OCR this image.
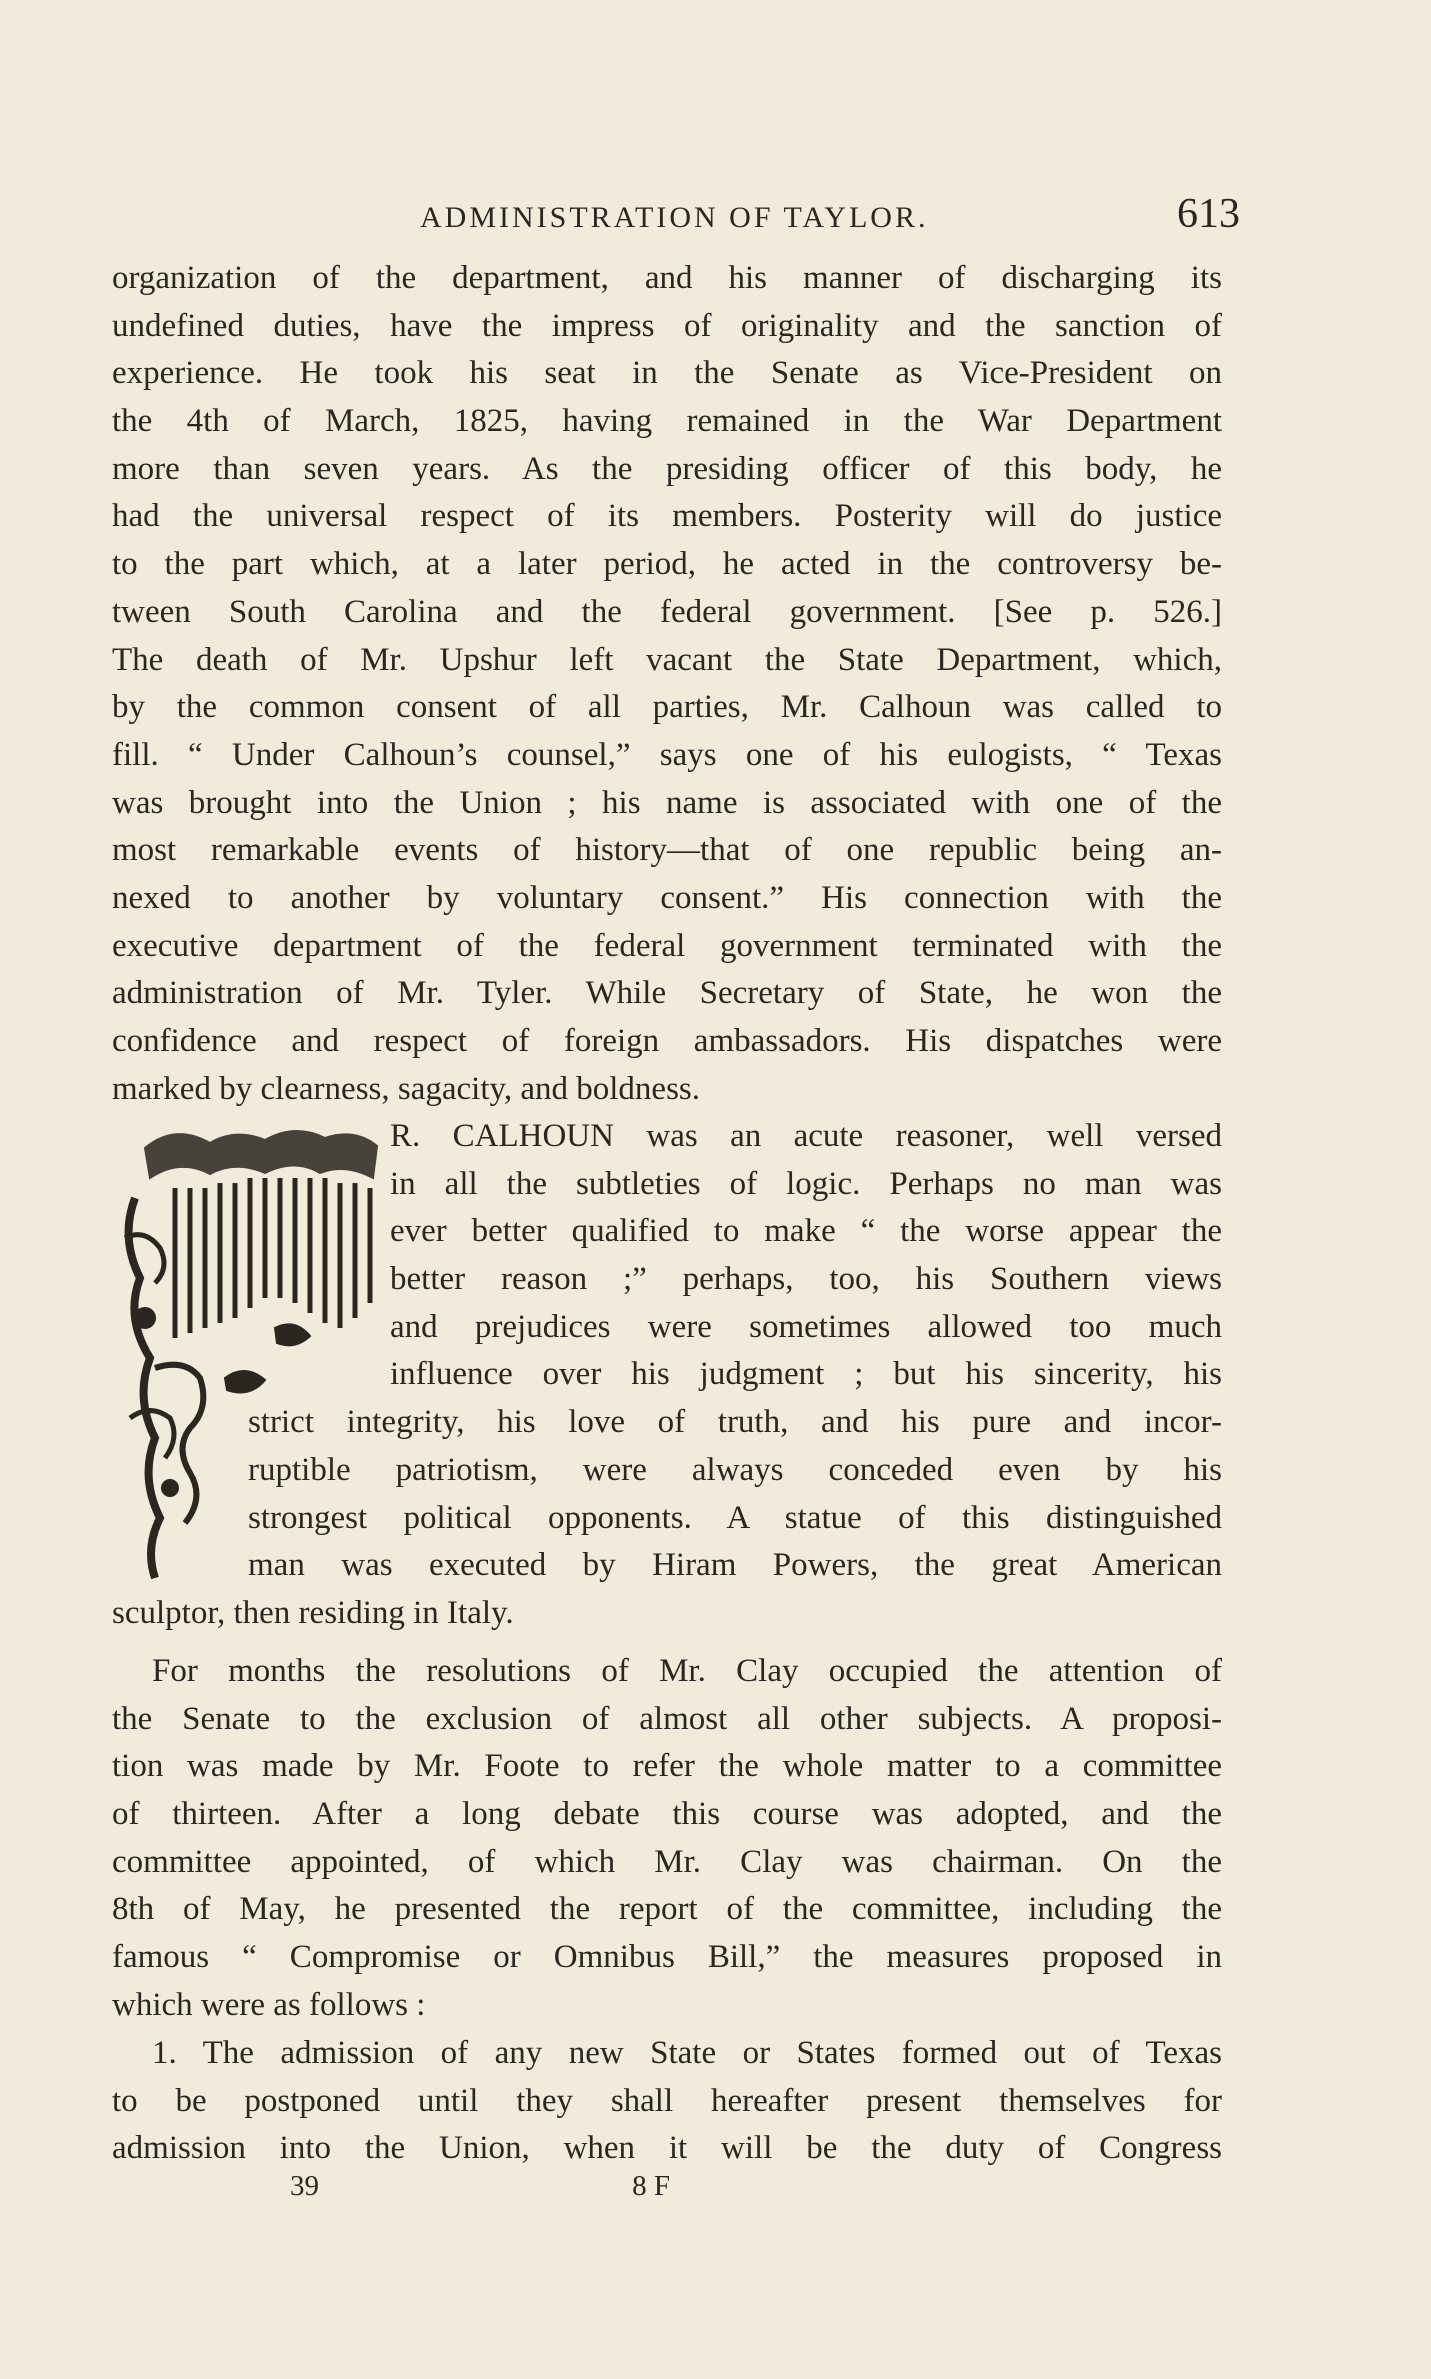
ADMINISTRATION OF TAYLOR.	613
organization of the department, and his manner of discharging its
undefined duties, have the impress of originality and the sanction of
experience. He took his seat in the Senate as Vice-President on
the 4th of March, 1825, having remained in the War Department
more than seven years. As the presiding officer of this body, he
had the universal respect of its members. Posterity will do justice
to the part which, at a later period, he acted in the controversy be-
tween South Carolina and the federal government. [See p. 526.]
The death of Mr. Upshur left vacant the State Department, which,
by the common consent of all parties, Mr. Calhoun was called to
fill. “ Under Calhoun’s counsel,” says one of his eulogists, “ Texas
was brought into the Union ; his name is associated with one of the
most remarkable events of history—that of one republic being an-
nexed to another by voluntary consent.” His connection with the
executive department of the federal government terminated with the
administration of Mr. Tyler. While Secretary of State, he won the
confidence and respect of foreign ambassadors. His dispatches were
marked by clearness, sagacity, and boldness.
R. CALHOUN was an acute reasoner, well versed
in all the subtleties of logic. Perhaps no man was
ever better qualified to make “ the worse appear the
better reason ;” perhaps, too, his Southern views
and prejudices were sometimes allowed too much
influence over his judgment ; but his sincerity, his
strict integrity, his love of truth, and his pure and incor-
ruptible patriotism, were always conceded even by his
strongest political opponents. A statue of this distinguished
man was executed by Hiram Powers, the great American
sculptor, then residing in Italy.
For months the resolutions of Mr. Clay occupied the attention of
the Senate to the exclusion of almost all other subjects. A proposi-
tion was made by Mr. Foote to refer the whole matter to a committee
of thirteen. After a long debate this course was adopted, and the
committee appointed, of which Mr. Clay was chairman. On the
8th of May, he presented the report of the committee, including the
famous “ Compromise or Omnibus Bill,” the measures proposed in
which were as follows :
1. The admission of any new State or States formed out of Texas
to be postponed until they shall hereafter present themselves for
admission into the Union, when it will be the duty of Congress
39	8 F
